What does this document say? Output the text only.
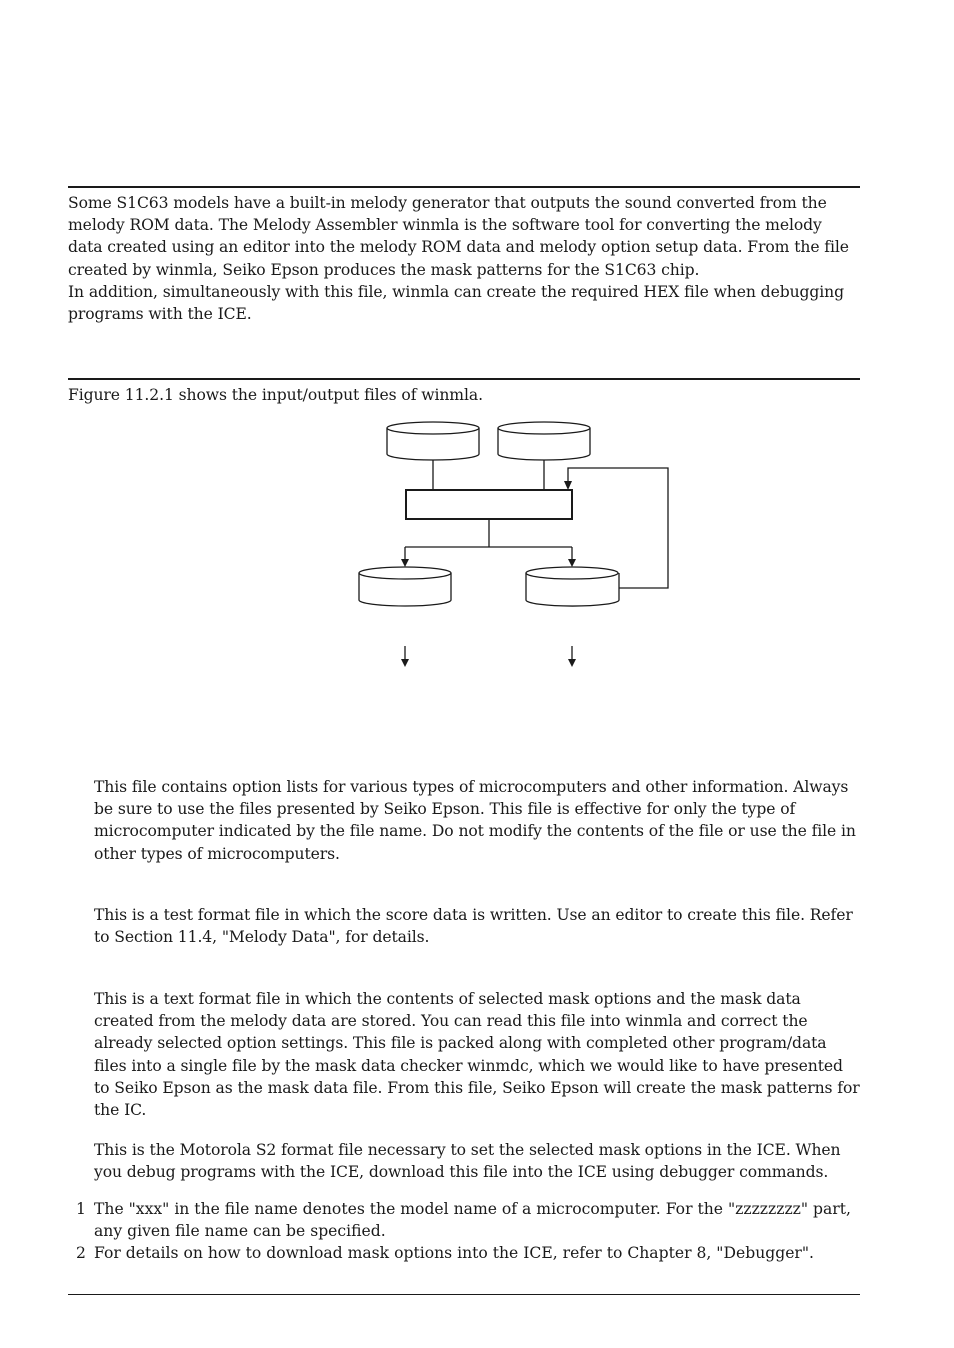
Some S1C63 models have a built-in melody generator that outputs the sound converted from the melody ROM data. The Melody Assembler winmla is the software tool for converting the melody data created using an editor into the melody ROM data and melody option setup data. From the file created by winmla, Seiko Epson produces the mask patterns for the S1C63 chip.

In addition, simultaneously with this file, winmla can create the required HEX file when debugging programs with the ICE.

Figure 11.2.1 shows the input/output files of winmla.

This file contains option lists for various types of microcomputers and other information. Always be sure to use the files presented by Seiko Epson. This file is effective for only the type of microcomputer indicated by the file name. Do not modify the contents of the file or use the file in other types of microcomputers.

This is a test format file in which the score data is written. Use an editor to create this file. Refer to Section 11.4, "Melody Data", for details.

This is a text format file in which the contents of selected mask options and the mask data created from the melody data are stored. You can read this file into winmla and correct the already selected option settings. This file is packed along with completed other program/data files into a single file by the mask data checker winmdc, which we would like to have presented to Seiko Epson as the mask data file. From this file, Seiko Epson will create the mask patterns for the IC.

This is the Motorola S2 format file necessary to set the selected mask options in the ICE. When you debug programs with the ICE, download this file into the ICE using debugger commands.

1 The "xxx" in the file name denotes the model name of a microcomputer. For the "zzzzzzzz" part, any given file name can be specified.

2 For details on how to download mask options into the ICE, refer to Chapter 8, "Debugger".
